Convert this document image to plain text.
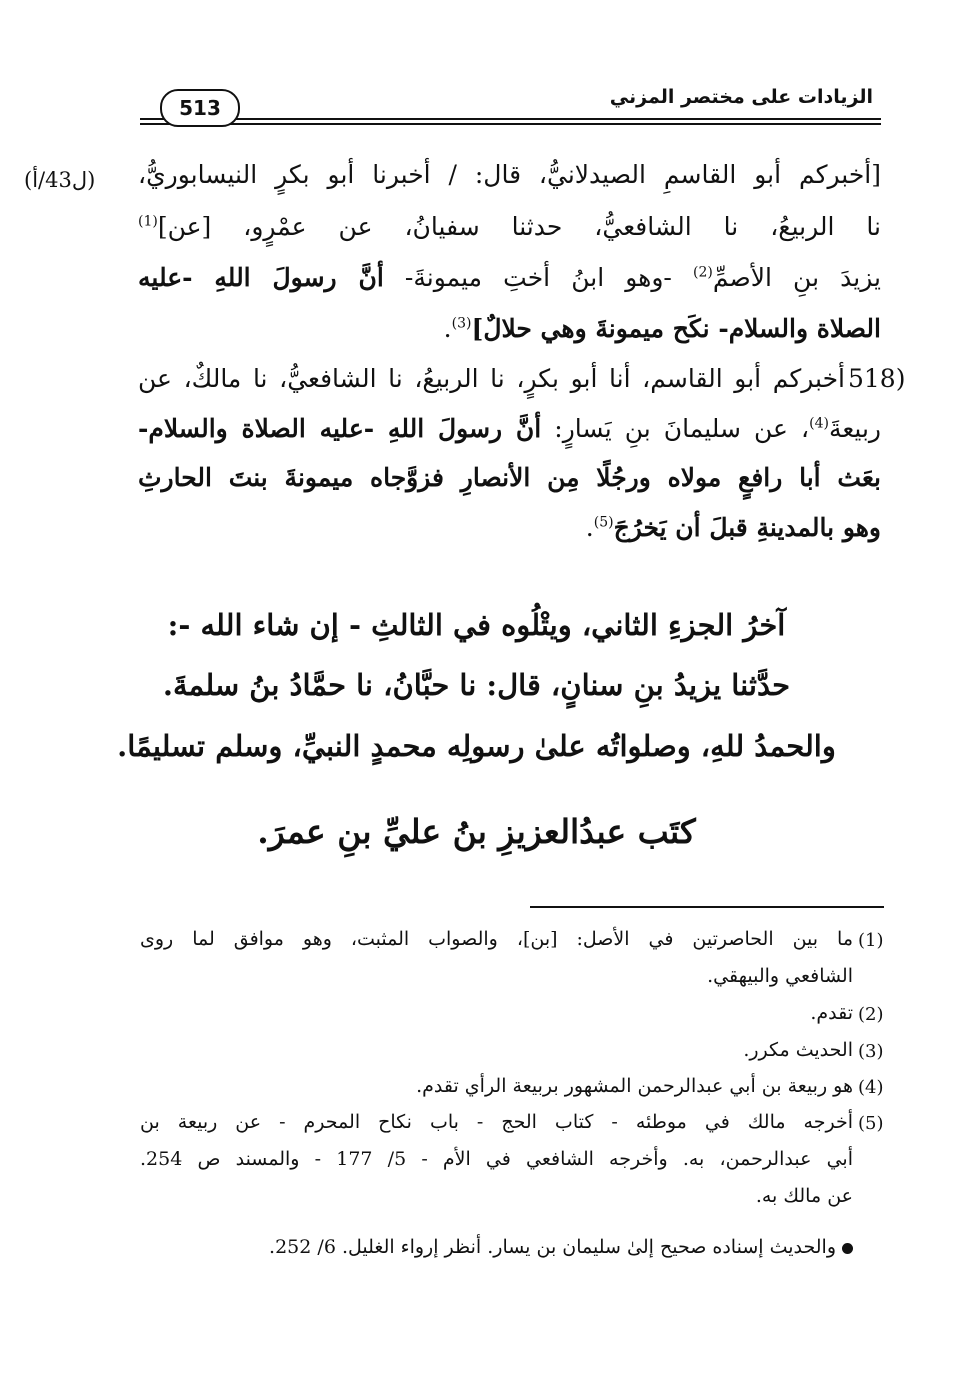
الزيادات على مختصر المزني
513
(ل43/أ) [أخبركم أبو القاسمِ الصيدلانيُّ، قال: / أخبرنا أبو بكرٍ النيسابوريُّ،
نا الربيعُ، نا الشافعيُّ، حدثنا سفيانُ، عن عمْرٍو، [عن]$^{(1)}$
يزيدَ بنِ الأصمِّ$^{(2)}$ -وهو ابنُ أختِ ميمونةَ- أنَّ رسولَ اللهِ -عليه
الصلاة والسلام- نكَح ميمونةَ وهي حلالٌ]$^{(3)}$.
518)
أخبركم أبو القاسم، أنا أبو بكرٍ، نا الربيعُ، نا الشافعيُّ، نا مالكٌ، عن
ربيعةَ$^{(4)}$، عن سليمانَ بنِ يَسارٍ: أنَّ رسولَ اللهِ -عليه الصلاة والسلام-
بعَث أبا رافعٍ مولاه ورجُلًا مِن الأنصارِ فزوَّجاه ميمونةَ بنتَ الحارثِ
وهو بالمدينةِ قبلَ أن يَخرُجَ$^{(5)}$.
آخرُ الجزءِ الثاني، ويتْلُوه في الثالثِ - إن شاء الله -:
حدَّثنا يزيدُ بنِ سنانٍ، قال: نا حبَّانُ، نا حمَّادُ بنُ سلمةَ.
والحمدُ للهِ، وصلواتُه علىٰ رسولِه محمدٍ النبيِّ، وسلم تسليمًا.
كتَب عبدُالعزيزِ بنُ عليِّ بنِ عمرَ.
(1)
ما بين الحاصرتين في الأصل: [بن]، والصواب المثبت، وهو موافق لما روى
الشافعي والبيهقي.
(2)
تقدم.
(3)
الحديث مكرر.
(4)
هو ربيعة بن أبي عبدالرحمن المشهور بربيعة الرأي تقدم.
(5)
أخرجه مالك في موطئه - كتاب الحج - باب نكاح المحرم - عن ربيعة بن
أبي عبدالرحمن، به. وأخرجه الشافعي في الأم - 5/ 177 - والمسند ص 254.
عن مالك به.
والحديث إسناده صحيح إلىٰ سليمان بن يسار. أنظر إرواء الغليل. 6/ 252.
